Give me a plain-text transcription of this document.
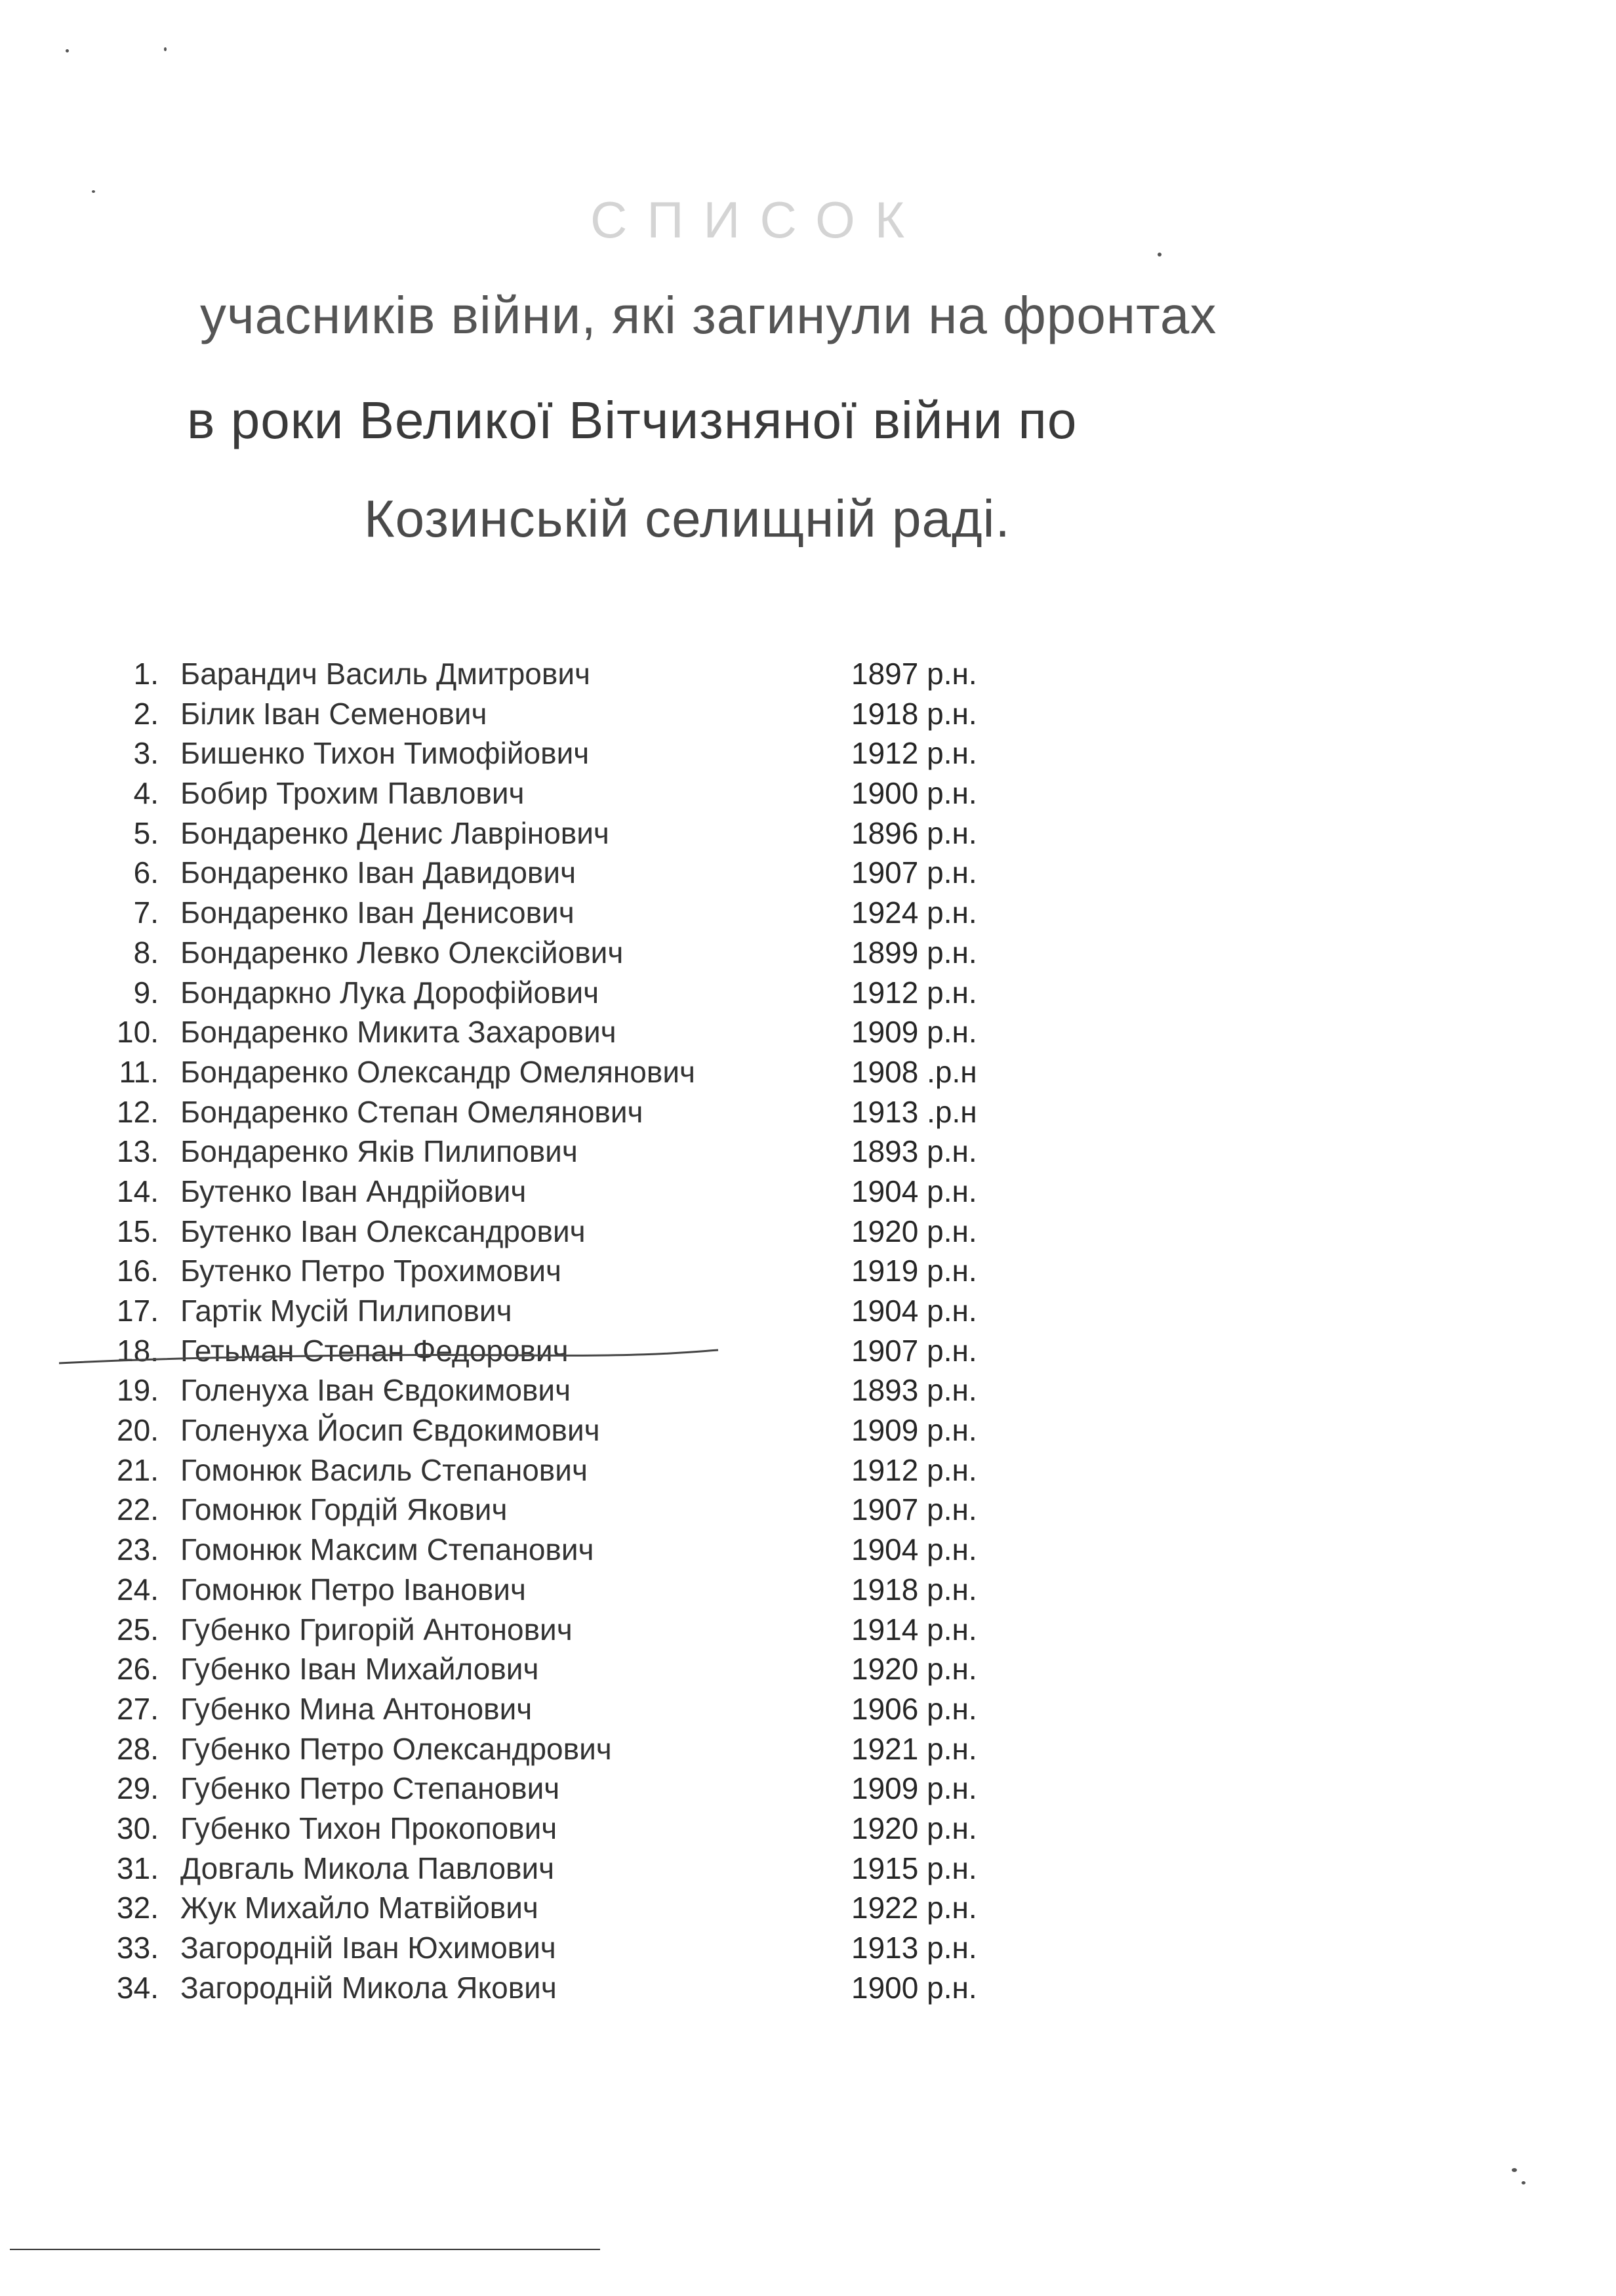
СПИСОК
учасників війни, які загинули на фронтах
в роки Великої Вітчизняної війни по
Козинській селищній раді.
1. Барандич Василь Дмитрович	1897 р.н.
2. Білик Іван Семенович	1918 р.н.
3. Бишенко Тихон Тимофійович	1912 р.н.
4. Бобир Трохим Павлович	1900 р.н.
5. Бондаренко Денис Лаврінович	1896 р.н.
6. Бондаренко Іван Давидович	1907 р.н.
7. Бондаренко Іван Денисович	1924 р.н.
8. Бондаренко Левко Олексійович	1899 р.н.
9. Бондаркно Лука Дорофійович	1912 р.н.
10. Бондаренко Микита Захарович	1909 р.н.
11. Бондаренко Олександр Омелянович	1908 .р.н
12. Бондаренко Степан Омелянович	1913 .р.н
13. Бондаренко Яків Пилипович	1893 р.н.
14. Бутенко Іван Андрійович	1904 р.н.
15. Бутенко Іван Олександрович	1920 р.н.
16. Бутенко Петро Трохимович	1919 р.н.
17. Гартік Мусій Пилипович	1904 р.н.
18. Гетьман Степан Федорович	1907 р.н.
19. Голенуха Іван Євдокимович	1893 р.н.
20. Голенуха Йосип Євдокимович	1909 р.н.
21. Гомонюк Василь Степанович	1912 р.н.
22. Гомонюк Гордій Якович	1907 р.н.
23. Гомонюк Максим Степанович	1904 р.н.
24. Гомонюк Петро Іванович	1918 р.н.
25. Губенко Григорій Антонович	1914 р.н.
26. Губенко Іван Михайлович	1920 р.н.
27. Губенко Мина Антонович	1906 р.н.
28. Губенко Петро Олександрович	1921 р.н.
29. Губенко Петро Степанович	1909 р.н.
30. Губенко Тихон Прокопович	1920 р.н.
31. Довгаль Микола Павлович	1915 р.н.
32. Жук Михайло Матвійович	1922 р.н.
33. Загородній Іван Юхимович	1913 р.н.
34. Загородній Микола Якович	1900 р.н.
